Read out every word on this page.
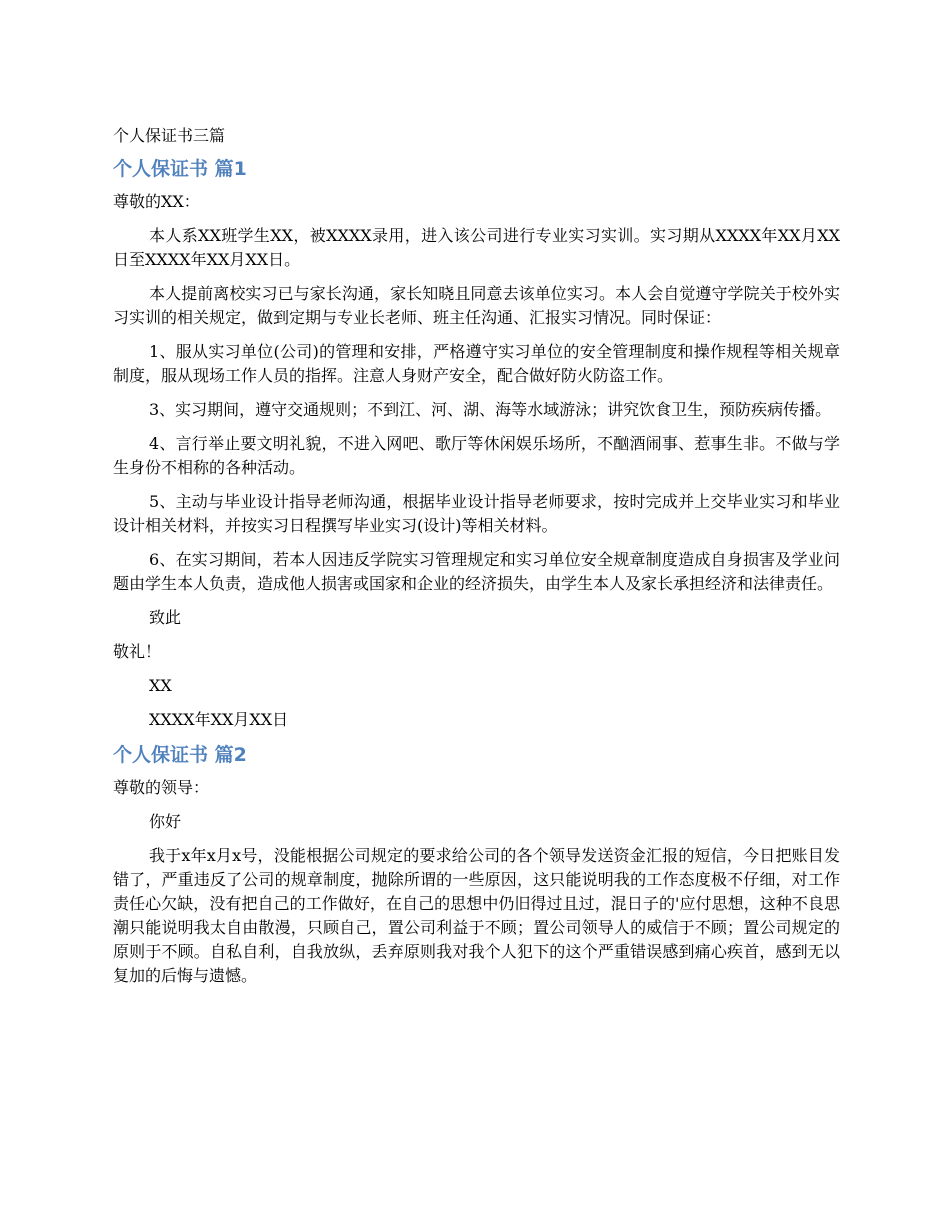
个人保证书三篇
个人保证书 篇1

尊敬的XX：

本人系XX班学生XX，被XXXX录用，进入该公司进行专业实习实训。实习期从XXXX年XX月XX日至XXXX年XX月XX日。

本人提前离校实习已与家长沟通，家长知晓且同意去该单位实习。本人会自觉遵守学院关于校外实习实训的相关规定，做到定期与专业长老师、班主任沟通、汇报实习情况。同时保证：

1、服从实习单位(公司)的管理和安排，严格遵守实习单位的安全管理制度和操作规程等相关规章制度，服从现场工作人员的指挥。注意人身财产安全，配合做好防火防盗工作。

3、实习期间，遵守交通规则；不到江、河、湖、海等水域游泳；讲究饮食卫生，预防疾病传播。

4、言行举止要文明礼貌，不进入网吧、歌厅等休闲娱乐场所，不酗酒闹事、惹事生非。不做与学生身份不相称的各种活动。

5、主动与毕业设计指导老师沟通，根据毕业设计指导老师要求，按时完成并上交毕业实习和毕业设计相关材料，并按实习日程撰写毕业实习(设计)等相关材料。

6、在实习期间，若本人因违反学院实习管理规定和实习单位安全规章制度造成自身损害及学业问题由学生本人负责，造成他人损害或国家和企业的经济损失，由学生本人及家长承担经济和法律责任。

致此

敬礼！

XX

XXXX年XX月XX日

个人保证书 篇2

尊敬的领导：

你好

我于x年x月x号，没能根据公司规定的要求给公司的各个领导发送资金汇报的短信，今日把账目发错了，严重违反了公司的规章制度，抛除所谓的一些原因，这只能说明我的工作态度极不仔细，对工作责任心欠缺，没有把自己的工作做好，在自己的思想中仍旧得过且过，混日子的'应付思想，这种不良思潮只能说明我太自由散漫，只顾自己，置公司利益于不顾；置公司领导人的威信于不顾；置公司规定的原则于不顾。自私自利，自我放纵，丢弃原则我对我个人犯下的这个严重错误感到痛心疾首，感到无以复加的后悔与遗憾。
